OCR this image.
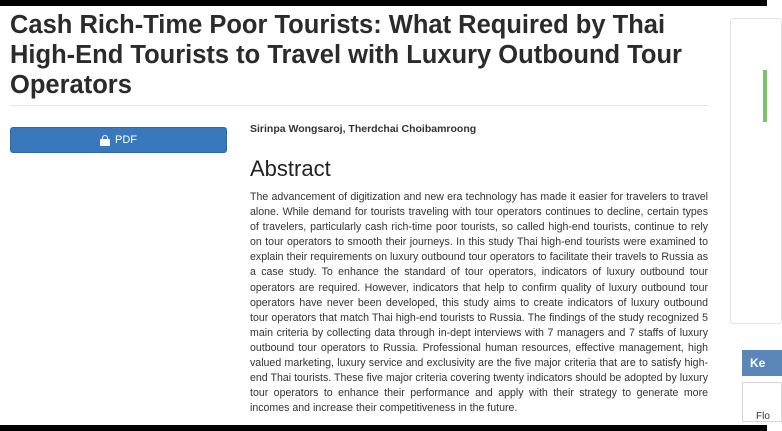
Cash Rich-Time Poor Tourists: What Required by Thai High-End Tourists to Travel with Luxury Outbound Tour Operators
PDF
Sirinpa Wongsaroj, Therdchai Choibamroong
Abstract

The advancement of digitization and new era technology has made it easier for travelers to travel alone. While demand for tourists traveling with tour operators continues to decline, certain types of travelers, particularly cash rich-time poor tourists, so called high-end tourists, continue to rely on tour operators to smooth their journeys. In this study Thai high-end tourists were examined to explain their requirements on luxury outbound tour operators to facilitate their travels to Russia as a case study. To enhance the standard of tour operators, indicators of luxury outbound tour operators are required. However, indicators that help to confirm quality of luxury outbound tour operators have never been developed, this study aims to create indicators of luxury outbound tour operators that match Thai high-end tourists to Russia. The findings of the study recognized 5 main criteria by collecting data through in-dept interviews with 7 managers and 7 staffs of luxury outbound tour operators to Russia. Professional human resources, effective management, high valued marketing, luxury service and exclusivity are the five major criteria that are to satisfy high-end Thai tourists. These five major criteria covering twenty indicators should be adopted by luxury tour operators to enhance their performance and apply with their strategy to generate more incomes and increase their competitiveness in the future.

Ke
Flo
